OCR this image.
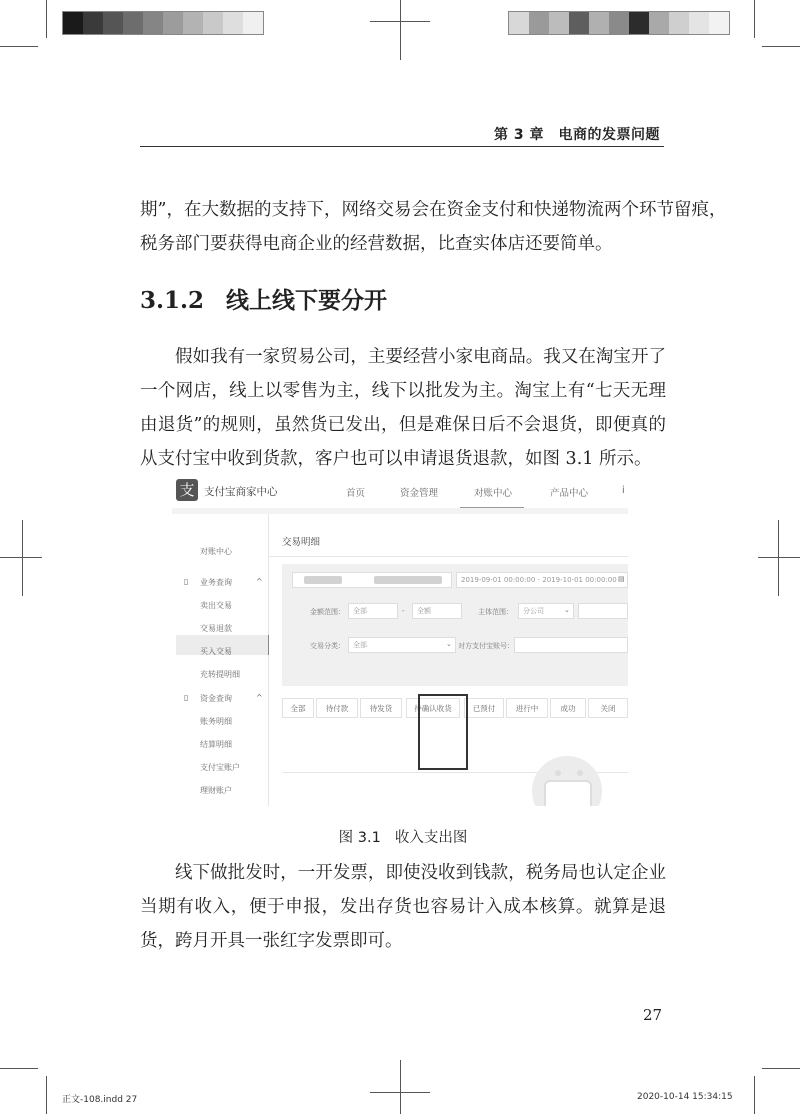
第 3 章　电商的发票问题
期”，在大数据的支持下，网络交易会在资金支付和快递物流两个环节留痕，
税务部门要获得电商企业的经营数据，比查实体店还要简单。
3.1.2 线上线下要分开
假如我有一家贸易公司，主要经营小家电商品。我又在淘宝开了一个网店，线上以零售为主，线下以批发为主。淘宝上有“七天无理由退货”的规则，虽然货已发出，但是难保日后不会退货，即便真的从支付宝中收到货款，客户也可以申请退货退款，如图 3.1 所示。
支 支付宝商家中心	首页	资金管理	对账中心	产品中心	i
对账中心
▯ 业务查询	^
卖出交易
交易退款
买入交易
充转提明细
▯ 资金查询	^
账务明细
结算明细
支付宝账户
理财账户
交易明细
2019-09-01 00:00:00 - 2019-10-01 00:00:00 ▤
金额范围：	全部	-	全额	主体范围：	分公司	⌄
交易分类：	全部	⌄ 对方支付宝账号：
全部	待付款	待发货	待确认收货	已预付	进行中	成功	关闭
图 3.1 收入支出图
线下做批发时，一开发票，即使没收到钱款，税务局也认定企业当期有收入，便于申报，发出存货也容易计入成本核算。就算是退货，跨月开具一张红字发票即可。
27
正文-108.indd 27	2020-10-14 15:34:15
